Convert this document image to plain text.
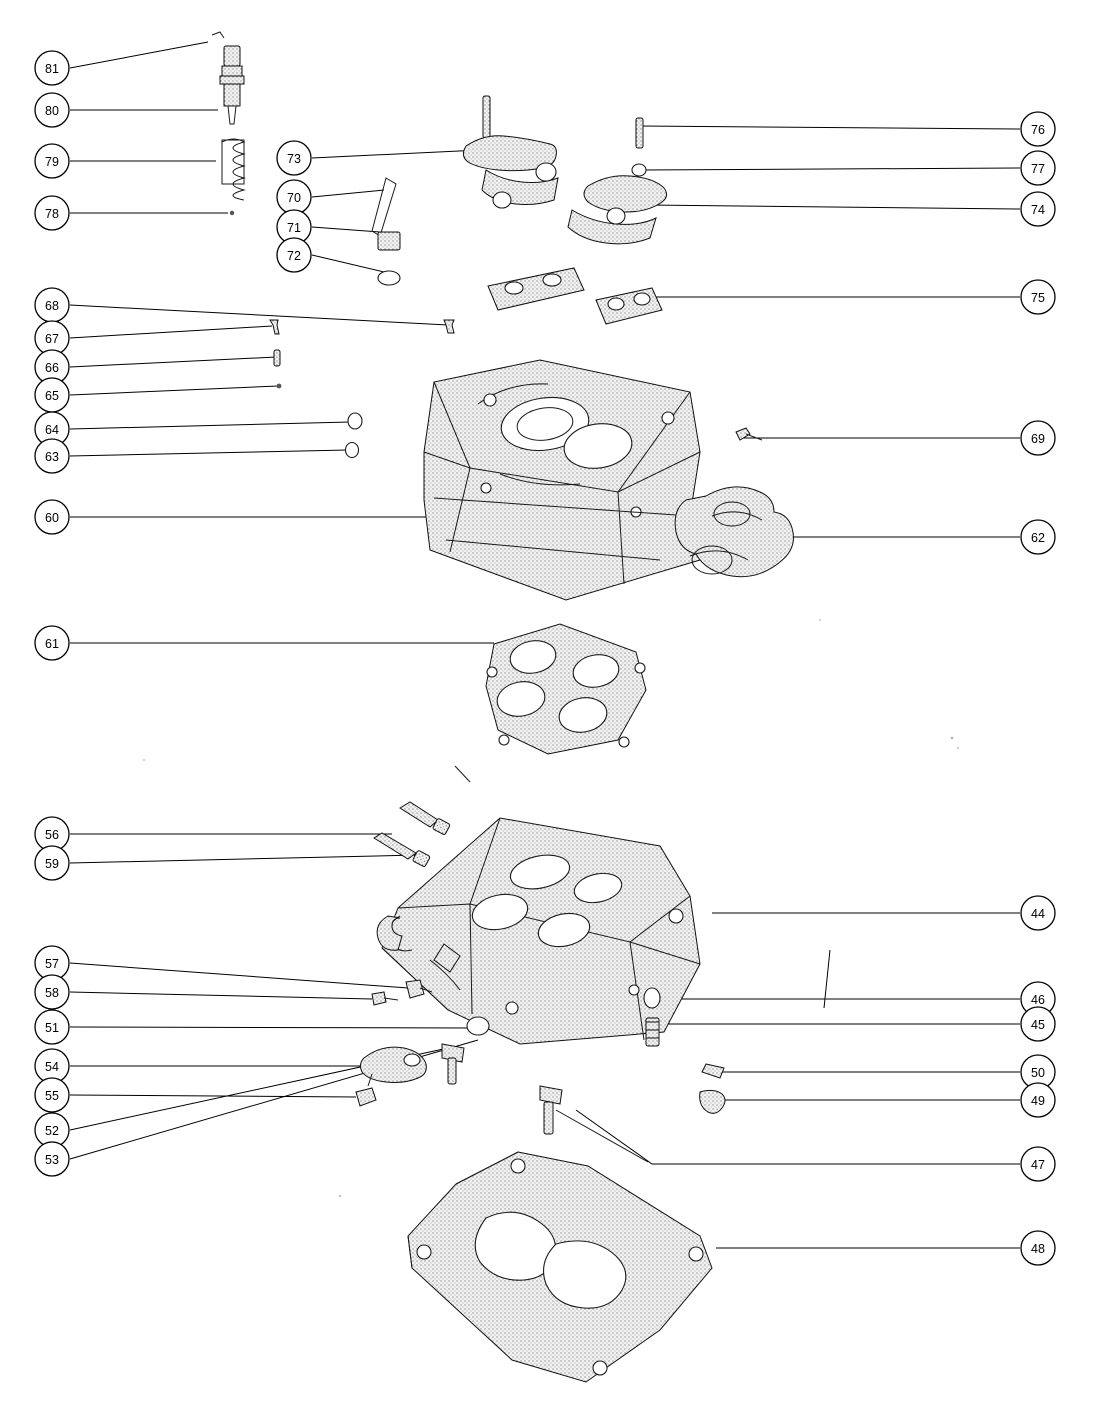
81
80
79
78
68
67
66
65
64
63
60
61
56
59
57
58
51
54
55
52
53
73
70
71
72
76
77
74
75
69
62
44
46
45
50
49
47
48
